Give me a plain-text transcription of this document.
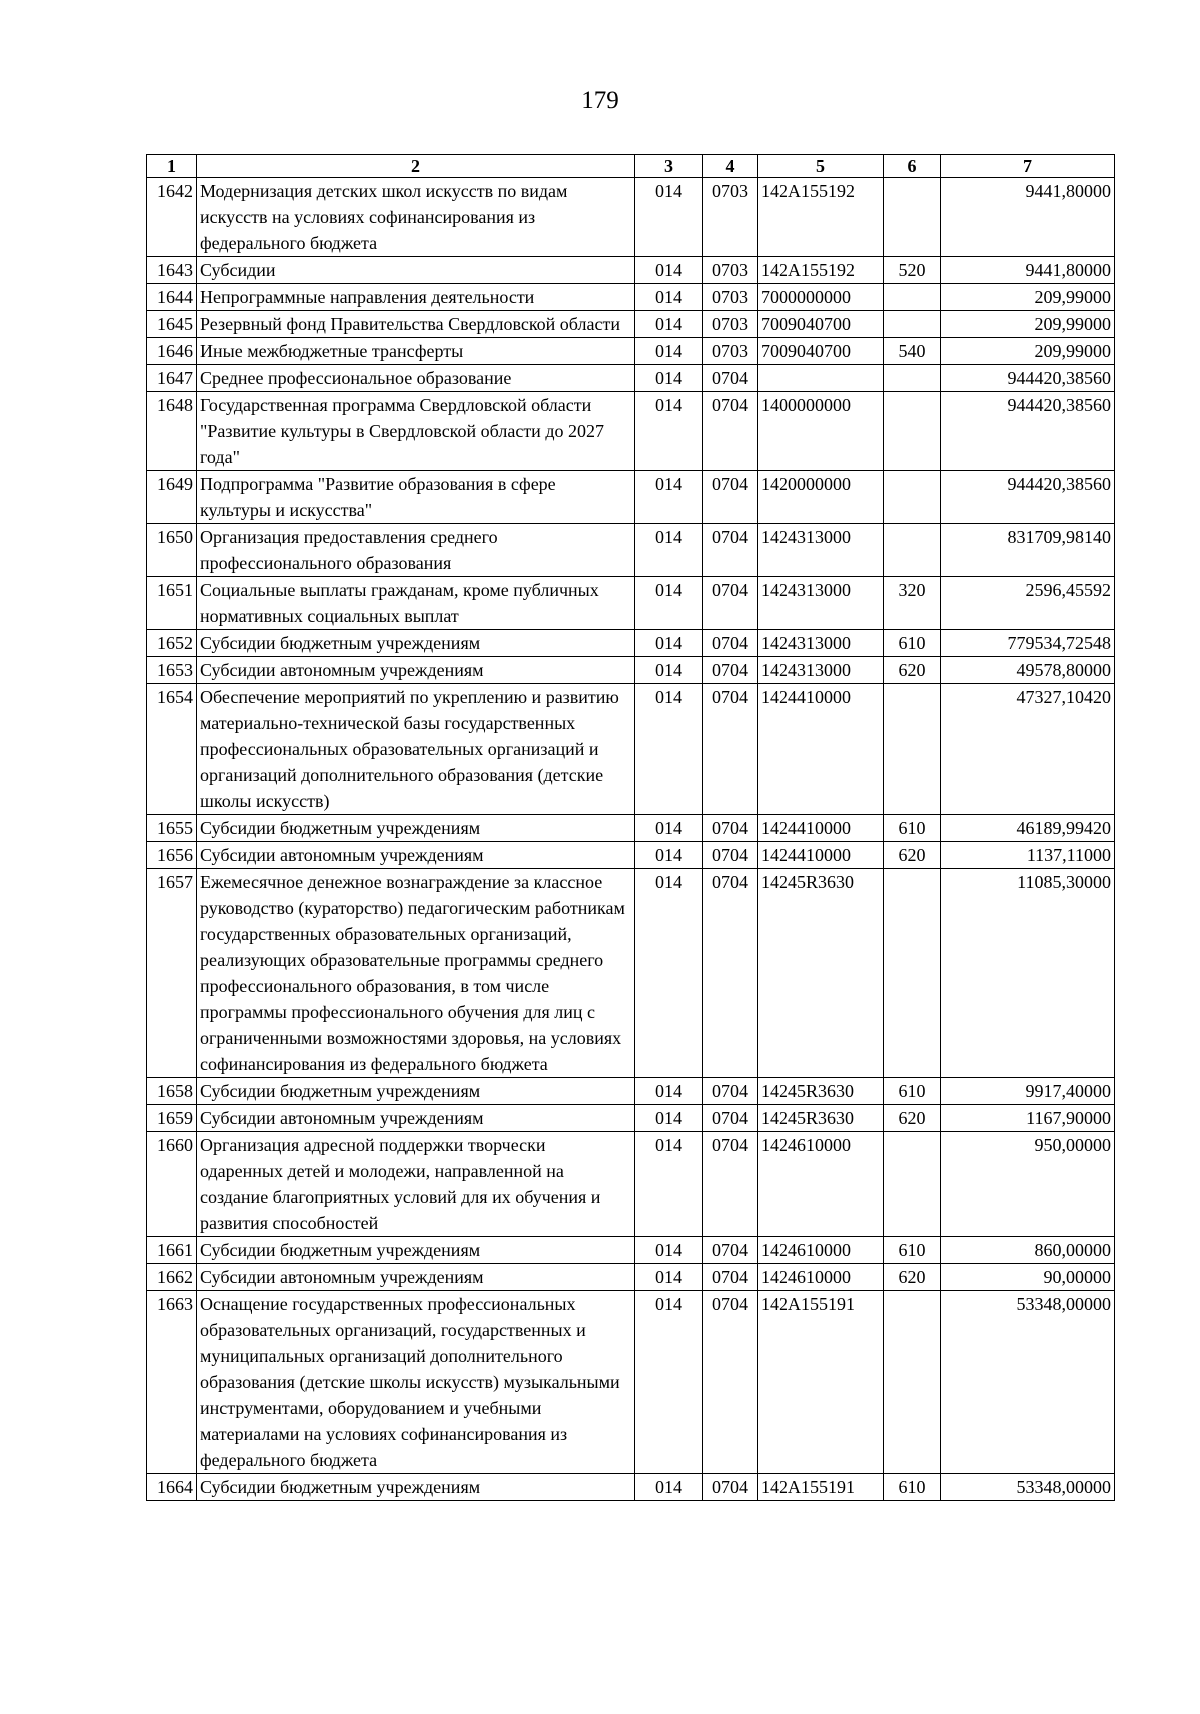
179
1	2	3	4	5	6	7
1642	Модернизация детских школ искусств по видам искусств на условиях софинансирования из федерального бюджета	014	0703	142A155192		9441,80000
1643	Субсидии	014	0703	142A155192	520	9441,80000
1644	Непрограммные направления деятельности	014	0703	7000000000		209,99000
1645	Резервный фонд Правительства Свердловской области	014	0703	7009040700		209,99000
1646	Иные межбюджетные трансферты	014	0703	7009040700	540	209,99000
1647	Среднее профессиональное образование	014	0704			944420,38560
1648	Государственная программа Свердловской области "Развитие культуры в Свердловской области до 2027 года"	014	0704	1400000000		944420,38560
1649	Подпрограмма "Развитие образования в сфере культуры и искусства"	014	0704	1420000000		944420,38560
1650	Организация предоставления среднего профессионального образования	014	0704	1424313000		831709,98140
1651	Социальные выплаты гражданам, кроме публичных нормативных социальных выплат	014	0704	1424313000	320	2596,45592
1652	Субсидии бюджетным учреждениям	014	0704	1424313000	610	779534,72548
1653	Субсидии автономным учреждениям	014	0704	1424313000	620	49578,80000
1654	Обеспечение мероприятий по укреплению и развитию материально-технической базы государственных профессиональных образовательных организаций и организаций дополнительного образования (детские школы искусств)	014	0704	1424410000		47327,10420
1655	Субсидии бюджетным учреждениям	014	0704	1424410000	610	46189,99420
1656	Субсидии автономным учреждениям	014	0704	1424410000	620	1137,11000
1657	Ежемесячное денежное вознаграждение за классное руководство (кураторство) педагогическим работникам государственных образовательных организаций, реализующих образовательные программы среднего профессионального образования, в том числе программы профессионального обучения для лиц с ограниченными возможностями здоровья, на условиях софинансирования из федерального бюджета	014	0704	14245R3630		11085,30000
1658	Субсидии бюджетным учреждениям	014	0704	14245R3630	610	9917,40000
1659	Субсидии автономным учреждениям	014	0704	14245R3630	620	1167,90000
1660	Организация адресной поддержки творчески одаренных детей и молодежи, направленной на создание благоприятных условий для их обучения и развития способностей	014	0704	1424610000		950,00000
1661	Субсидии бюджетным учреждениям	014	0704	1424610000	610	860,00000
1662	Субсидии автономным учреждениям	014	0704	1424610000	620	90,00000
1663	Оснащение государственных профессиональных образовательных организаций, государственных и муниципальных организаций дополнительного образования (детские школы искусств) музыкальными инструментами, оборудованием и учебными материалами на условиях софинансирования из федерального бюджета	014	0704	142A155191		53348,00000
1664	Субсидии бюджетным учреждениям	014	0704	142A155191	610	53348,00000
